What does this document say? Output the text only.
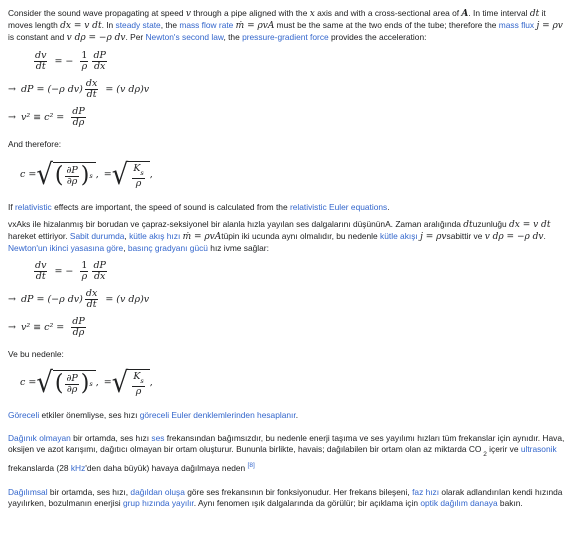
Consider the sound wave propagating at speed v through a pipe aligned with the x axis and with a cross-sectional area of A. In time interval dt it moves length dx = v dt. In steady state, the mass flow rate ṁ = ρvA must be the same at the two ends of the tube; therefore the mass flux j = ρv is constant and v dρ = −ρ dv. Per Newton's second law, the pressure-gradient force provides the acceleration:

$\frac{dv}{dt}$ = − $\frac{1}{\rho} \frac{dP}{dx}$
→ dP = (−ρ $dv) \frac{dx}{dt} = (v$ dρ)v
→ $v^2 \equiv c^2 = \frac{dP}{d\rho}$

And therefore:

c = √ ( $\frac{\partial P}{\partial\rho}$ ) s , = √ $\frac{K_s}{\rho}$ ,

If relativistic effects are important, the speed of sound is calculated from the relativistic Euler equations.

vxAks ile hizalanmış bir borudan ve çapraz-seksiyonel bir alanla hızla yayılan ses dalgalarını düşününA. Zaman aralığında dtuzunluğu dx = v dt hareket ettiriyor. Sabit durumda, kütle akış hızı ṁ = ρvAtüpin iki ucunda aynı olmalıdır, bu nedenle kütle akışı j = ρvsabittir ve v dρ = −ρ dv. Newton'un ikinci yasasına göre, basınç gradyanı gücü hız ivme sağlar:

$\frac{dv}{dt}$ = − $\frac{1}{\rho} \frac{dP}{dx}$
→ dP = (−ρ $dv) \frac{dx}{dt} = (v$ dρ)v
→ $v^2 \equiv c^2 = \frac{dP}{d\rho}$

Ve bu nedenle:

c = √ ( $\frac{\partial P}{\partial\rho}$ ) s , = √ $\frac{K_s}{\rho}$ ,

Göreceli etkiler önemliyse, ses hızı göreceli Euler denklemlerinden hesaplanır.

Dağınık olmayan bir ortamda, ses hızı ses frekansından bağımsızdır, bu nedenle enerji taşıma ve ses yayılımı hızları tüm frekanslar için aynıdır. Hava, oksijen ve azot karışımı, dağıtıcı olmayan bir ortam oluşturur. Bununla birlikte, havais; dağılabilen bir ortam olan az miktarda CO $_2$ içerir ve ultrasonik frekanslarda (28 kHz'den daha büyük) havaya dağılmaya neden [8]

Dağılımsal bir ortamda, ses hızı, dağıldan oluşa göre ses frekansının bir fonksiyonudur. Her frekans bileşeni, faz hızı olarak adlandırılan kendi hızında yayılırken, bozulmanın enerjisi grup hızında yayılır. Aynı fenomen ışık dalgalarında da görülür; bir açıklama için optik dağılım danaya bakın.
